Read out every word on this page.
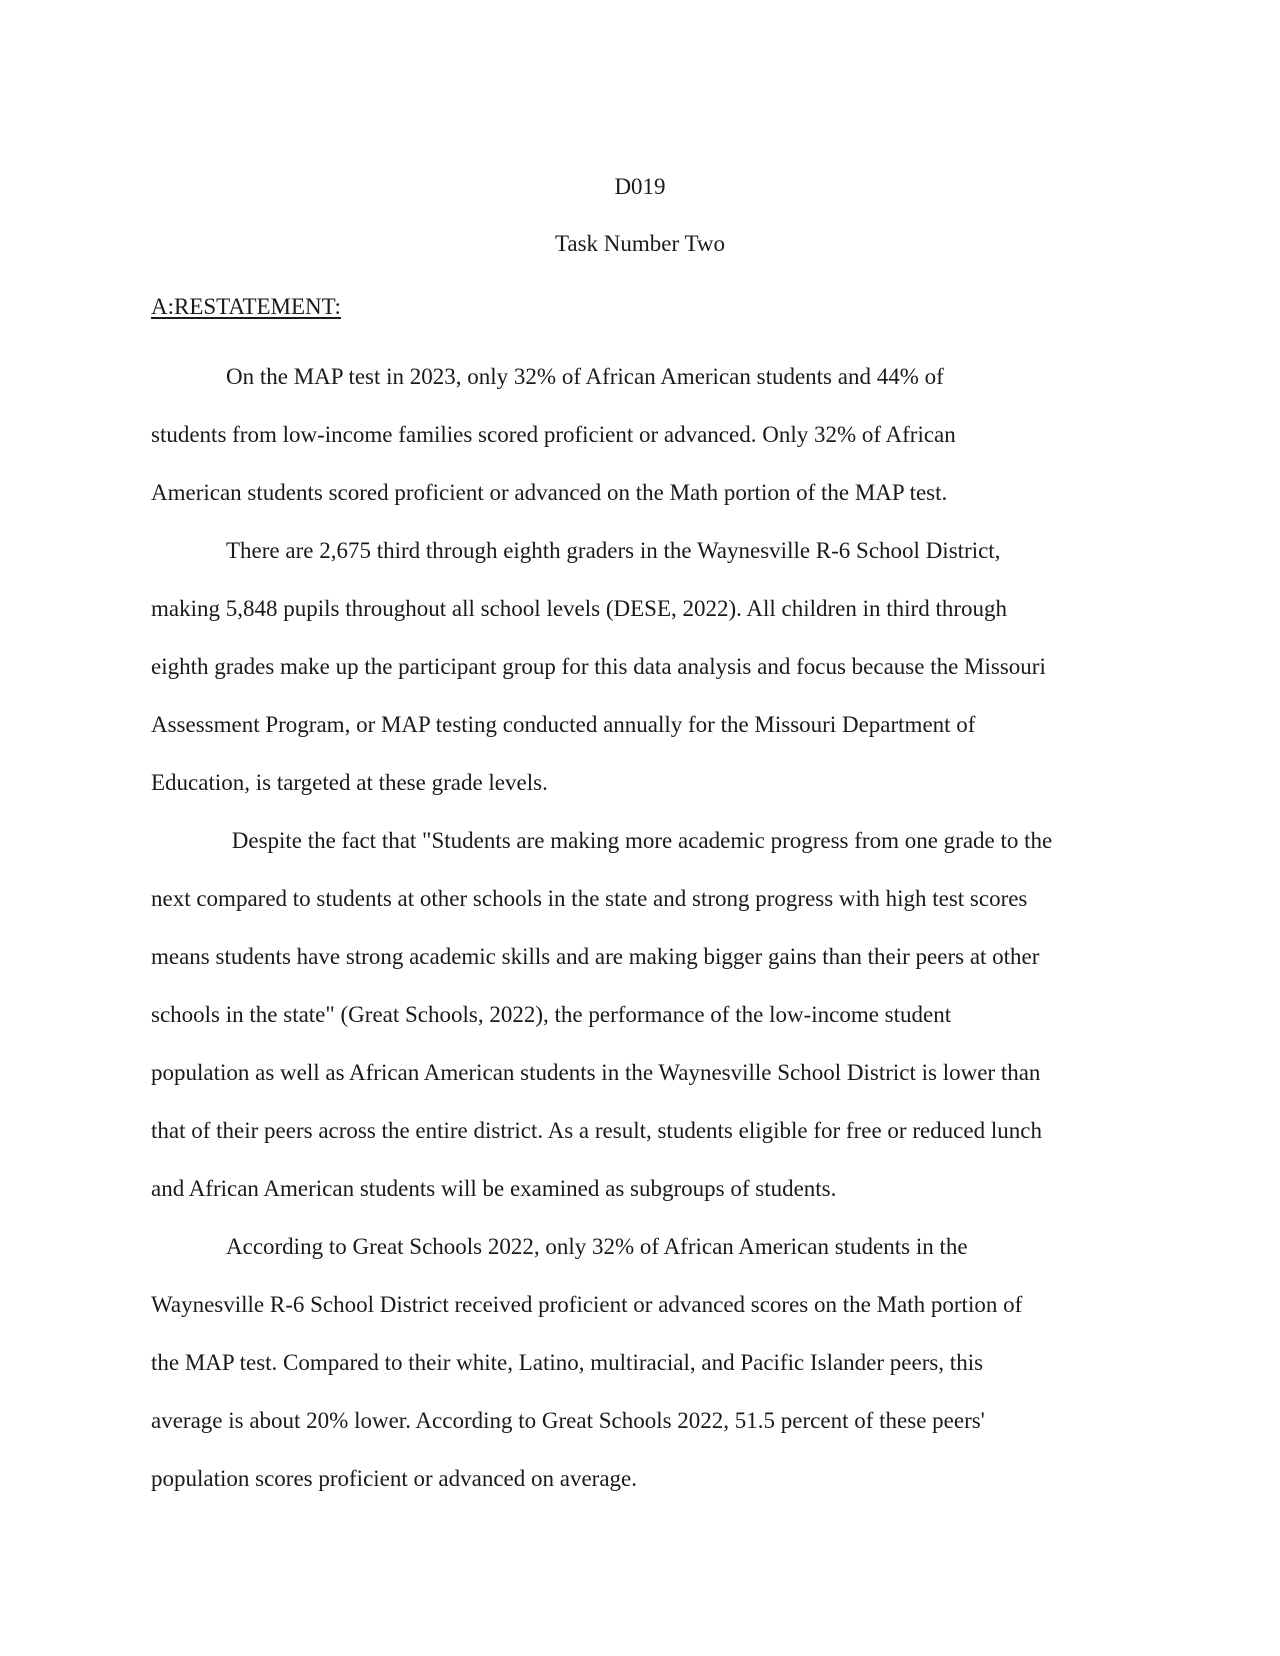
D019

Task Number Two
A:RESTATEMENT:

On the MAP test in 2023, only 32% of African American students and 44% of
students from low-income families scored proficient or advanced. Only 32% of African
American students scored proficient or advanced on the Math portion of the MAP test.

There are 2,675 third through eighth graders in the Waynesville R-6 School District,
making 5,848 pupils throughout all school levels (DESE, 2022). All children in third through
eighth grades make up the participant group for this data analysis and focus because the Missouri
Assessment Program, or MAP testing conducted annually for the Missouri Department of
Education, is targeted at these grade levels.

Despite the fact that "Students are making more academic progress from one grade to the
next compared to students at other schools in the state and strong progress with high test scores
means students have strong academic skills and are making bigger gains than their peers at other
schools in the state" (Great Schools, 2022), the performance of the low-income student
population as well as African American students in the Waynesville School District is lower than
that of their peers across the entire district. As a result, students eligible for free or reduced lunch
and African American students will be examined as subgroups of students.

According to Great Schools 2022, only 32% of African American students in the
Waynesville R-6 School District received proficient or advanced scores on the Math portion of
the MAP test. Compared to their white, Latino, multiracial, and Pacific Islander peers, this
average is about 20% lower. According to Great Schools 2022, 51.5 percent of these peers'
population scores proficient or advanced on average.
